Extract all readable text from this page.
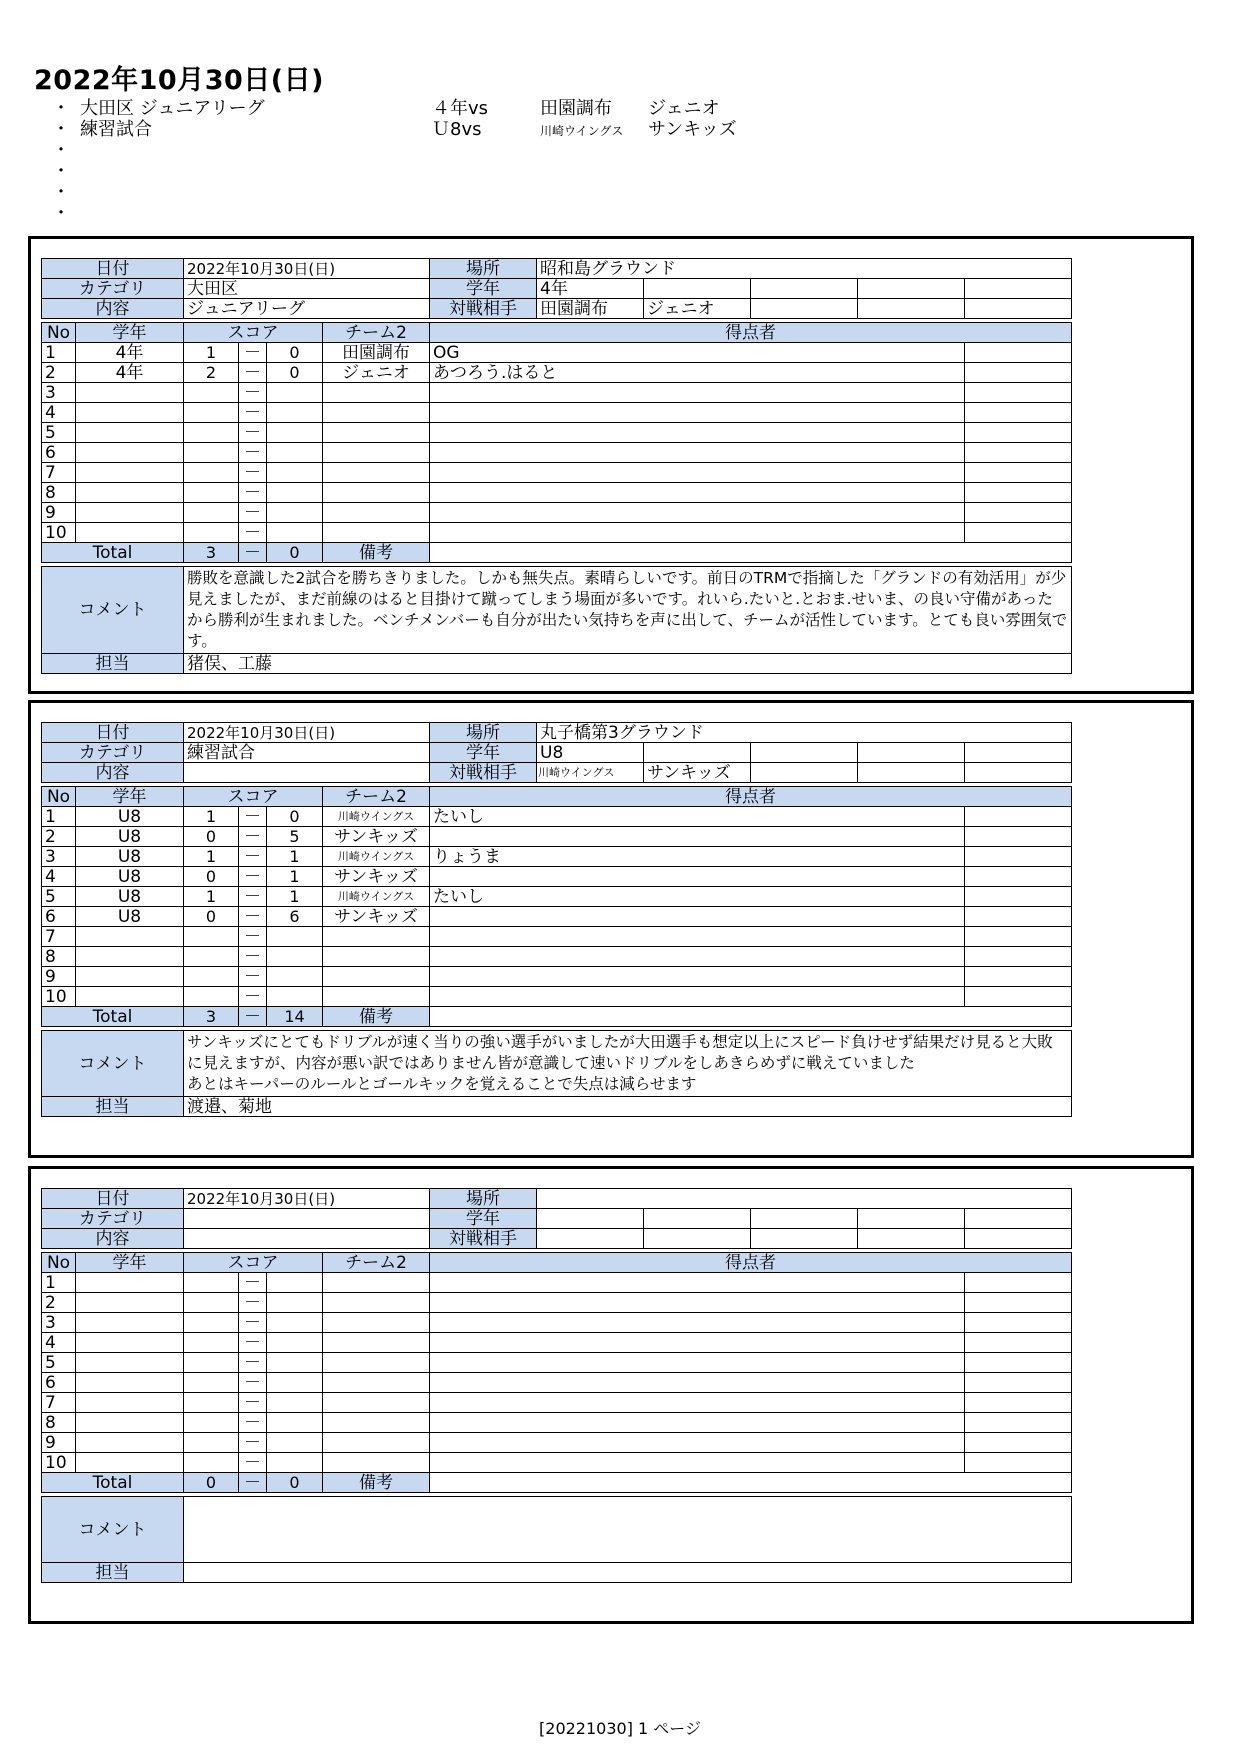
2022年10月30日(日)
・ 大田区 ジュニアリーグ	４年vs	田園調布 ジェニオ
・ 練習試合	Ｕ8vs	川崎ウイングス サンキッズ
・
・
・
・
日付		2022年10月30日(日)				場所	昭和島グラウンド				
カテゴリ		大田区				学年	4年				
内容		ジュニアリーグ				対戦相手	田園調布	ジェニオ			

No	学年	スコア			チーム2	得点者					
1	4年	1	－	0	田園調布	OG					
2	4年	2	－	0	ジェニオ	あつろう.はると					
3			－								
4			－								
5			－								
6			－								
7			－								
8			－								
9			－								
10			－								
Total		3	－	0	備考						

コメント		勝敗を意識した2試合を勝ちきりました。しかも無失点。素晴らしいです。前日のTRMで指摘した「グランドの有効活用」が少見えましたが、まだ前線のはると目掛けて蹴ってしまう場面が多いです。れいら.たいと.とおま.せいま、の良い守備があったから勝利が生まれました。ベンチメンバーも自分が出たい気持ちを声に出して、チームが活性しています。とても良い雰囲気です。									
担当		猪俣、工藤									
日付		2022年10月30日(日)				場所	丸子橋第3グラウンド				
カテゴリ		練習試合				学年	U8				
内容						対戦相手	川崎ウイングス	サンキッズ			

No	学年	スコア			チーム2	得点者					
1	U8	1	－	0	川崎ウイングス	たいし					
2	U8	0	－	5	サンキッズ						
3	U8	1	－	1	川崎ウイングス	りょうま					
4	U8	0	－	1	サンキッズ						
5	U8	1	－	1	川崎ウイングス	たいし					
6	U8	0	－	6	サンキッズ						
7			－								
8			－								
9			－								
10			－								
Total		3	－	14	備考						

コメント		サンキッズにとてもドリブルが速く当りの強い選手がいましたが大田選手も想定以上にスピード負けせず結果だけ見ると大敗に見えますが、内容が悪い訳ではありません皆が意識して速いドリブルをしあきらめずに戦えていました
あとはキーパーのルールとゴールキックを覚えることで失点は減らせます									
担当		渡邉、菊地									
日付		2022年10月30日(日)				場所					
カテゴリ						学年					
内容						対戦相手					

No	学年	スコア			チーム2	得点者					
1			－								
2			－								
3			－								
4			－								
5			－								
6			－								
7			－								
8			－								
9			－								
10			－								
Total		0	－	0	備考						

コメント											
担当											
[20221030] 1 ページ
